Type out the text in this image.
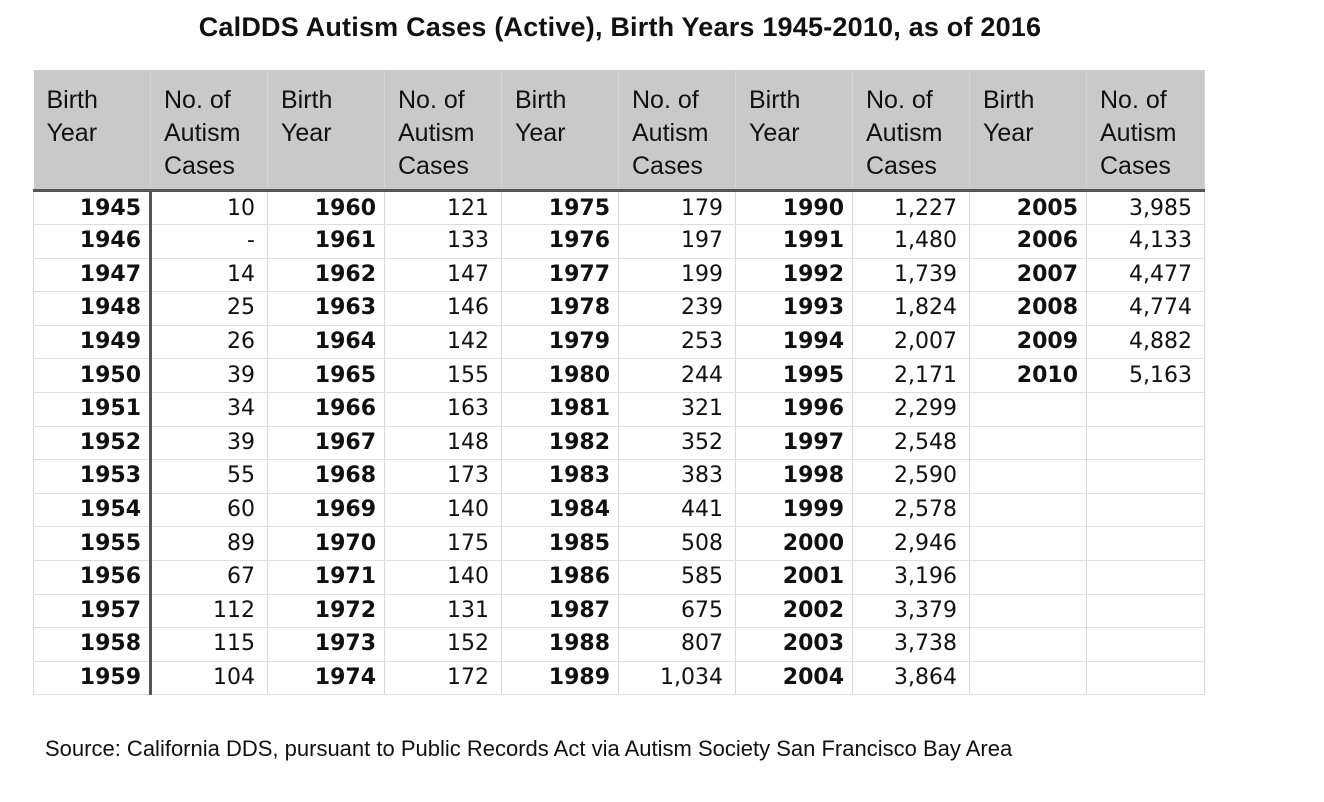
CalDDS Autism Cases (Active), Birth Years 1945-2010, as of 2016
Birth
Year	No. of
Autism
Cases	Birth
Year	No. of
Autism
Cases	Birth
Year	No. of
Autism
Cases	Birth
Year	No. of
Autism
Cases	Birth
Year	No. of
Autism
Cases
1945	10	1960	121	1975	179	1990	1,227	2005	3,985
1946	-	1961	133	1976	197	1991	1,480	2006	4,133
1947	14	1962	147	1977	199	1992	1,739	2007	4,477
1948	25	1963	146	1978	239	1993	1,824	2008	4,774
1949	26	1964	142	1979	253	1994	2,007	2009	4,882
1950	39	1965	155	1980	244	1995	2,171	2010	5,163
1951	34	1966	163	1981	321	1996	2,299		
1952	39	1967	148	1982	352	1997	2,548		
1953	55	1968	173	1983	383	1998	2,590		
1954	60	1969	140	1984	441	1999	2,578		
1955	89	1970	175	1985	508	2000	2,946		
1956	67	1971	140	1986	585	2001	3,196		
1957	112	1972	131	1987	675	2002	3,379		
1958	115	1973	152	1988	807	2003	3,738		
1959	104	1974	172	1989	1,034	2004	3,864		
Source: California DDS, pursuant to Public Records Act via Autism Society San Francisco Bay Area
